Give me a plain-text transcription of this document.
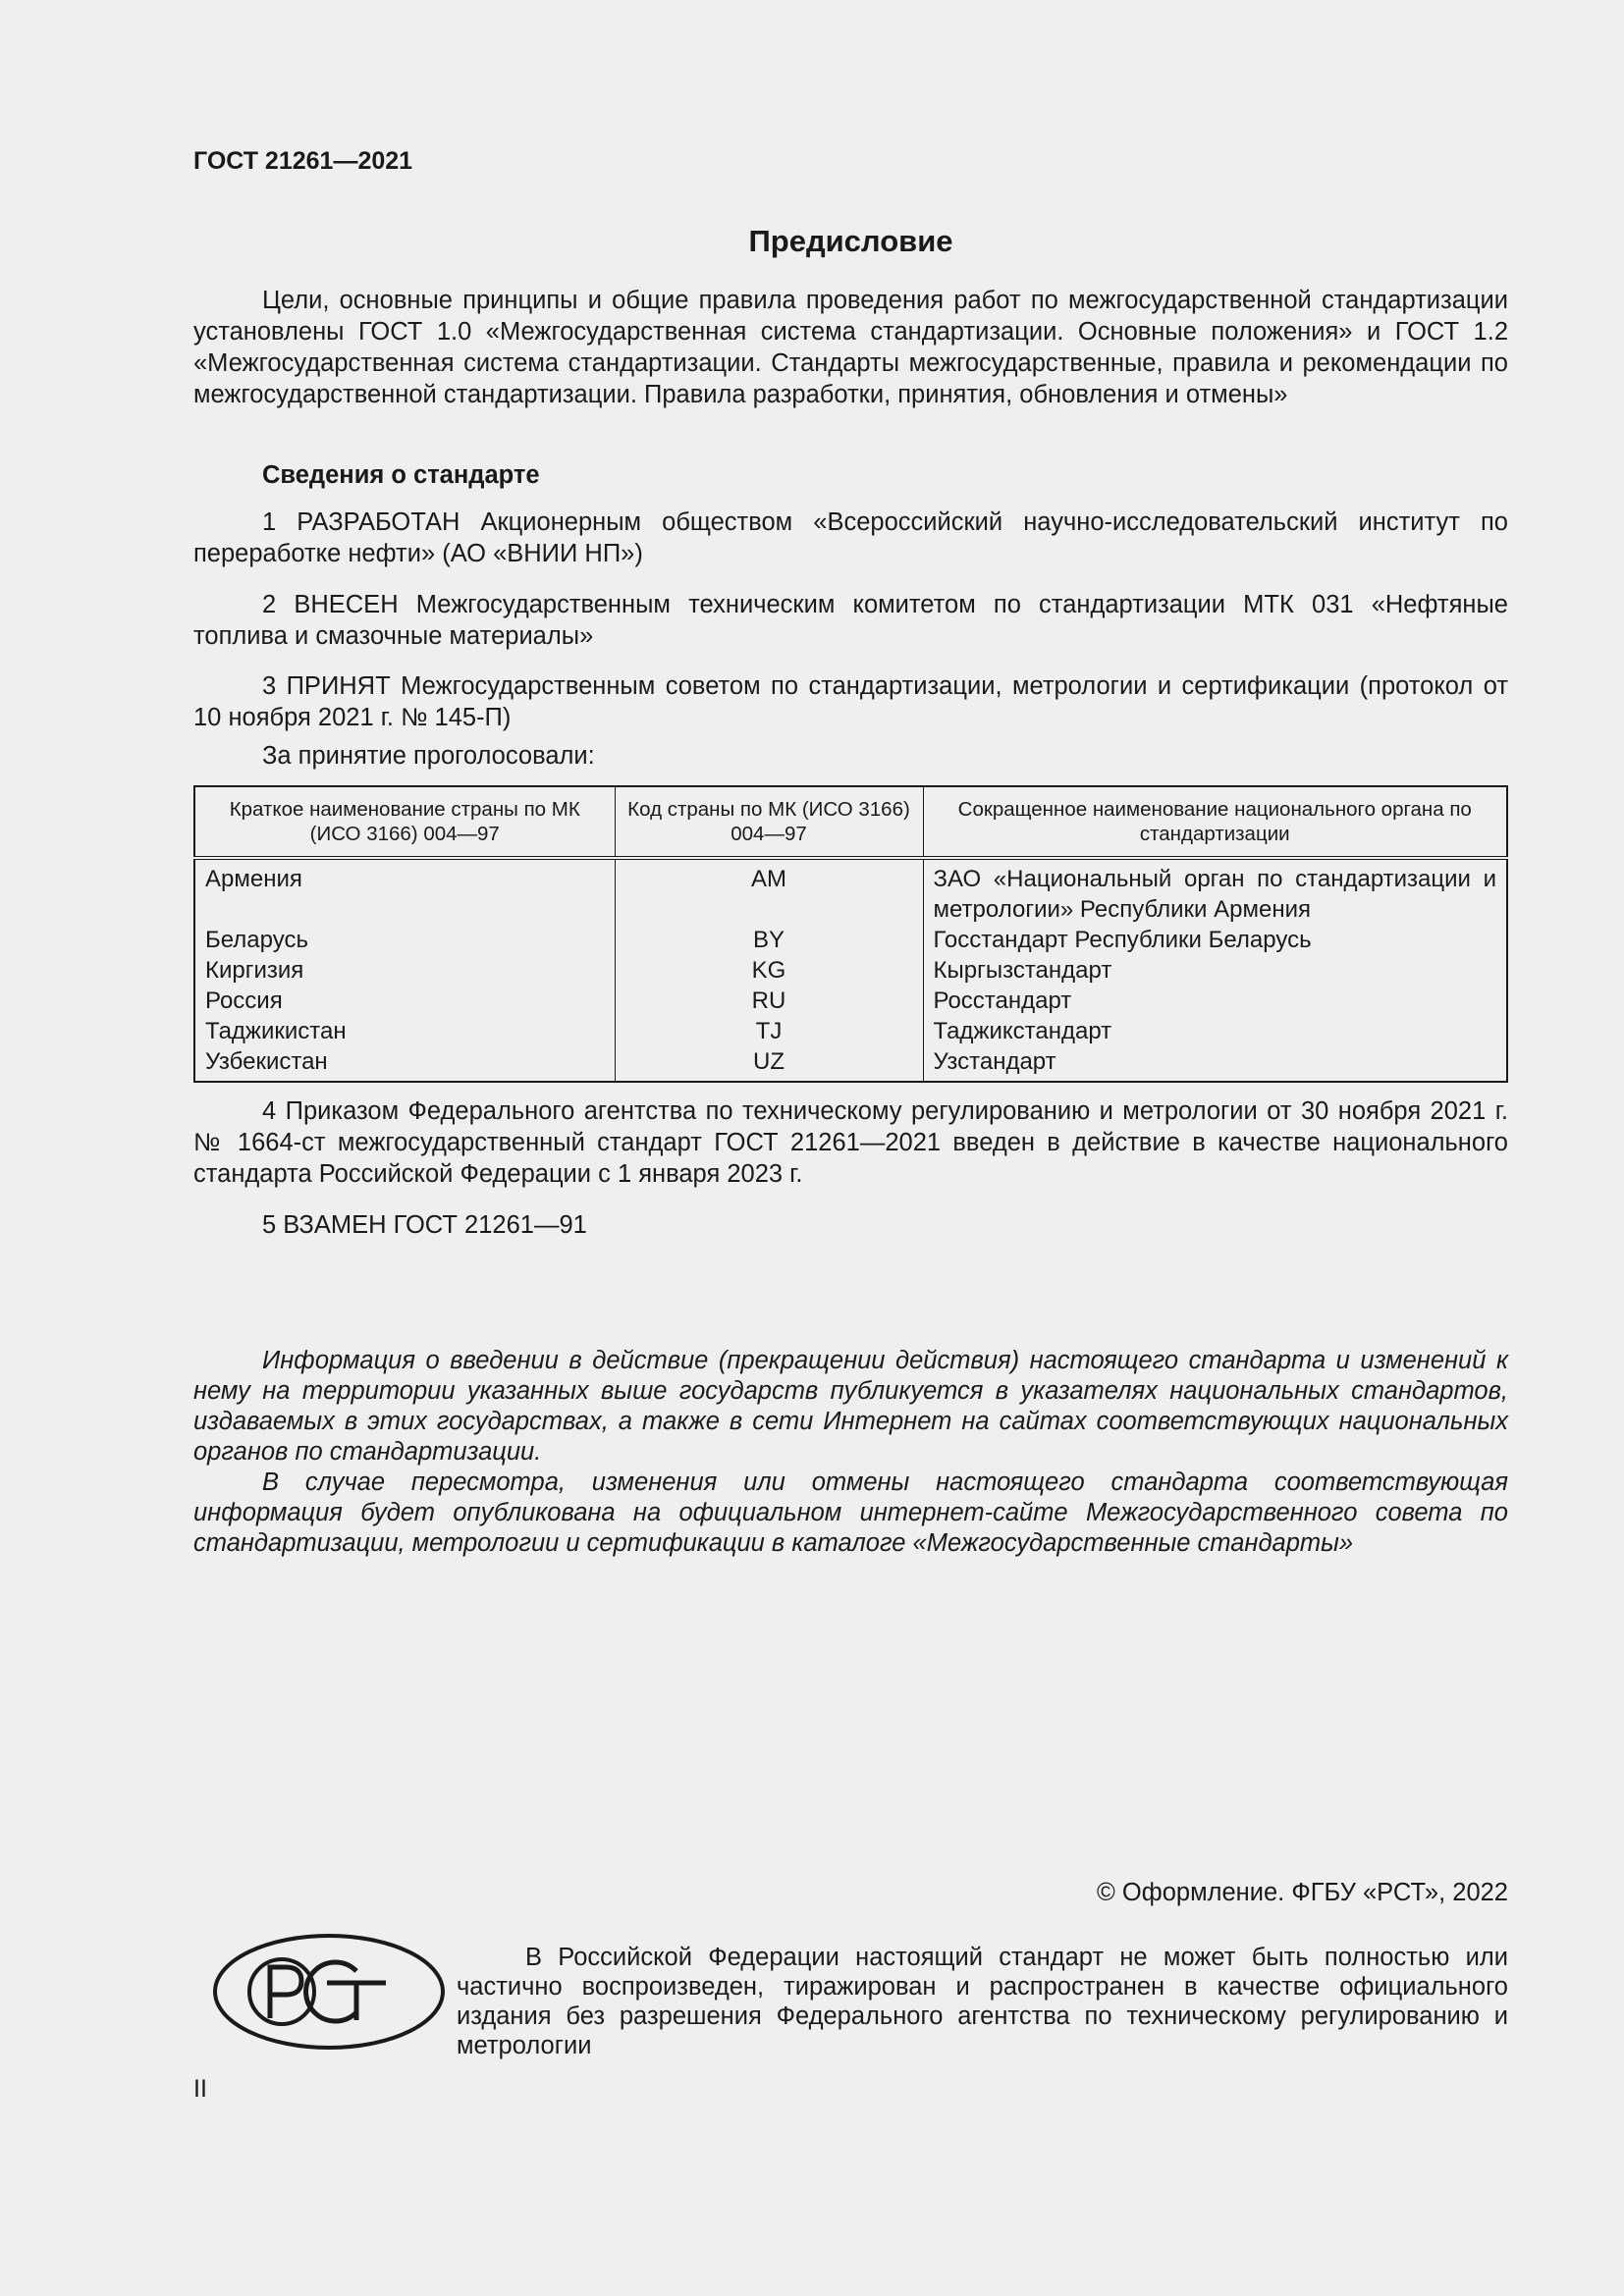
ГОСТ 21261—2021
Предисловие

Цели, основные принципы и общие правила проведения работ по межгосударственной стандартизации установлены ГОСТ 1.0 «Межгосударственная система стандартизации. Основные положения» и ГОСТ 1.2 «Межгосударственная система стандартизации. Стандарты межгосударственные, правила и рекомендации по межгосударственной стандартизации. Правила разработки, принятия, обновления и отмены»

Сведения о стандарте

1 РАЗРАБОТАН Акционерным обществом «Всероссийский научно-исследовательский институт по переработке нефти» (АО «ВНИИ НП»)

2 ВНЕСЕН Межгосударственным техническим комитетом по стандартизации МТК 031 «Нефтяные топлива и смазочные материалы»

3 ПРИНЯТ Межгосударственным советом по стандартизации, метрологии и сертификации (протокол от 10 ноября 2021 г. № 145-П)

За принятие проголосовали:
Краткое наименование страны по МК (ИСО 3166) 004—97	Код страны по МК (ИСО 3166) 004—97	Сокращенное наименование национального органа по стандартизации
Армения	AM	ЗАО «Национальный орган по стандартизации и метрологии» Республики Армения
Беларусь	BY	Госстандарт Республики Беларусь
Киргизия	KG	Кыргызстандарт
Россия	RU	Росстандарт
Таджикистан	TJ	Таджикстандарт
Узбекистан	UZ	Узстандарт

4 Приказом Федерального агентства по техническому регулированию и метрологии от 30 ноября 2021 г. № 1664-ст межгосударственный стандарт ГОСТ 21261—2021 введен в действие в качестве национального стандарта Российской Федерации с 1 января 2023 г.

5 ВЗАМЕН ГОСТ 21261—91

Информация о введении в действие (прекращении действия) настоящего стандарта и изменений к нему на территории указанных выше государств публикуется в указателях национальных стандартов, издаваемых в этих государствах, а также в сети Интернет на сайтах соответствующих национальных органов по стандартизации.

В случае пересмотра, изменения или отмены настоящего стандарта соответствующая информация будет опубликована на официальном интернет-сайте Межгосударственного совета по стандартизации, метрологии и сертификации в каталоге «Межгосударственные стандарты»

© Оформление. ФГБУ «РСТ», 2022

В Российской Федерации настоящий стандарт не может быть полностью или частично воспроизведен, тиражирован и распространен в качестве официального издания без разрешения Федерального агентства по техническому регулированию и метрологии

II
